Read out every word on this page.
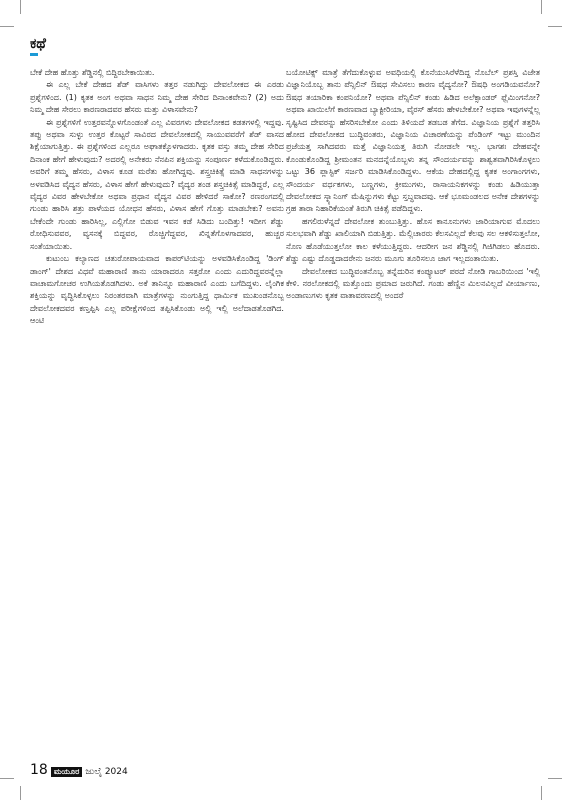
ಕಥೆ

ಬೇಕೆ ದೇಹ ಹೊತ್ತು ಶೆಡ್ಡಿನಲ್ಲಿ ಬಿದ್ದಿರಬೇಕಾಯಿತು.

ಈ ಎಲ್ಲ ಬೇಕೆ ದೇಹದ ಶೆಡ್ ವಾಸಿಗಳು ತತ್ತರ ನಡುಗಿದ್ದು ದೇವಲೋಕದ ಈ ಎರಡು ಪ್ರಶ್ನೆಗಳಿಂದ. (1) ಕೃತಕ ಅಂಗ ಅಥವಾ ಸಾಧನ ನಿಮ್ಮ ದೇಹ ಸೇರಿದ ದಿನಾಂಕವೇನು? (2) ಅದು ನಿಮ್ಮ ದೇಹ ಸೇರಲು ಕಾರಣರಾದವರ ಹೆಸರು ಮತ್ತು ವಿಳಾಸವೇನು?

ಈ ಪ್ರಶ್ನೆಗಳಿಗೆ ಉತ್ತರವನ್ನೊಳಗೊಂಡಂತೆ ಎಲ್ಲ ವಿವರಗಳು ದೇವಲೋಕದ ಕಡತಗಳಲ್ಲಿ ಇದ್ದವು. ತಪ್ಪು ಅಥವಾ ಸುಳ್ಳು ಉತ್ತರ ಕೊಟ್ಟರೆ ಸಾವಿರದ ದೇವಲೋಕದಲ್ಲಿ ಸಾಯುವವರೆಗೆ ಶೆಡ್ ವಾಸದ ಶಿಕ್ಷೆಯಾಗುತ್ತಿತ್ತು. ಈ ಪ್ರಶ್ನೆಗಳಿಂದ ಎಲ್ಲರೂ ಅಘಾತಕ್ಕೊಳಗಾದರು. ಕೃತಕ ವಸ್ತು ತಮ್ಮ ದೇಹ ಸೇರಿದ ದಿನಾಂಕ ಹೇಗೆ ಹೇಳುವುದು? ಅದರಲ್ಲಿ ಅನೇಕರು ನೆನಪಿನ ಶಕ್ತಿಯನ್ನು ಸಂಪೂರ್ಣ ಕಳೆದುಕೊಂಡಿದ್ದರು. ಅವರಿಗೆ ತಮ್ಮ ಹೆಸರು, ವಿಳಾಸ ಕೂಡ ಮರೆತು ಹೋಗಿದ್ದವು. ಶಸ್ತ್ರಚಿಕಿತ್ಸೆ ಮಾಡಿ ಸಾಧನಗಳನ್ನು ಅಳವಡಿಸಿದ ವೈದ್ಯನ ಹೆಸರು, ವಿಳಾಸ ಹೇಗೆ ಹೇಳುವುದು? ವೈದ್ಯರ ತಂಡ ಶಸ್ತ್ರಚಿಕಿತ್ಸೆ ಮಾಡಿದ್ದರೆ, ಎಲ್ಲ ವೈದ್ಯರ ವಿವರ ಹೇಳಬೇಕೋ ಅಥವಾ ಪ್ರಧಾನ ವೈದ್ಯನ ವಿವರ ಹೇಳಿದರೆ ಸಾಕೋ? ರಣರಂಗದಲ್ಲಿ ಗುಂಡು ಹಾರಿಸಿ ಶತ್ರು ಪಾಳೆಯದ ಯೋಧನ ಹೆಸರು, ವಿಳಾಸ ಹೇಗೆ ಗೊತ್ತು ಮಾಡಬೇಕು? ಅವನು ಬೇಕೆಂದೇ ಗುಂಡು ಹಾರಿಸಿಲ್ಲ, ಎಲ್ಲಿಗೋ ಬಿಡುವ ಇವನ ಕಡೆ ಸಿಡಿದು ಬಂದಿತ್ತು! ಇದೀಗ ಶೆಡ್ಡು ರೋಧಿಸುವವರ, ವ್ಯಸನಕ್ಕೆ ಬಿದ್ದವರ, ರೊಚ್ಚಿಗೆದ್ದವರ, ಖಿನ್ನತೆಗೊಳಗಾದವರ, ಹುಚ್ಚರ ಸಂತೆಯಾಯಿತು.

ಕುಟುಂಬ ಕಲ್ಯಾಣದ ಚತುರೋಪಾಯವಾದ ಕಾಪರ್‌ಟಿಯನ್ನು ಅಳವಡಿಸಿಕೊಂಡಿದ್ದ 'ಡಿಂಗ್ ಡಾಂಗ್' ದೇಶದ ವಿಧವೆ ಮಹಾರಾಣಿ ತಾನು ಯಾರಾದರೂ ಸತ್ತರೋ ಎಂದು ಎದುರಿದ್ದವರನ್ನೆಲ್ಲಾ ವಾಚಾಮಗೋಚರ ಉಗಿಯತೊಡಗಿದಳು. ಅಕೆ ತಾನಿನ್ನೂ ಮಹಾರಾಣಿ ಎಂದು ಬಗೆದಿದ್ದಳು. ಲೈಂಗಿಕ ಶಕ್ತಿಯನ್ನು ವೃದ್ಧಿಸಿಕೊಳ್ಳಲು ನಿರಂತರವಾಗಿ ಮಾತ್ರೆಗಳನ್ನು ನುಂಗುತ್ತಿದ್ದ ಧಾರ್ಮಿಕ ಮುಖಂಡನೊಬ್ಬ ದೇವಲೋಕದವರ ಕಣ್ತಪ್ಪಿಸಿ ಎಲ್ಲ ಪರೀಕ್ಷೆಗಳಿಂದ ತಪ್ಪಿಸಿಕೊಂಡು ಅಲ್ಲಿ ಇಲ್ಲಿ ಅಲೆದಾಡತೊಡಗಿದ. ಆಂಟಿ

ಬಯೋಟಿಕ್ಸ್ ಮಾತ್ರೆ ತೆಗೆದುಕೊಳ್ಳುವ ಅವಧಿಯಲ್ಲಿ ಕೊನೆಯುಸಿರೆಳೆದಿದ್ದ ನೊಬೆಲ್ ಪ್ರಶಸ್ತಿ ವಿಜೇತ ವಿಜ್ಞಾನಿಯೊಬ್ಬ ತಾನು ಪೆನ್ಸಿಲಿನ್ ಔಷಧ ಸೇವಿಸಲು ಕಾರಣ ವೈದ್ಯನೋ? ಔಷಧಿ ಅಂಗಡಿಯವನೋ? ಔಷಧ ತಯಾರಿಕಾ ಕಂಪನಿಯೋ? ಅಥವಾ ಪೆನ್ಸಿಲಿನ್ ಕಂಡು ಹಿಡಿದ ಅಲೆಕ್ಸಾಂಡರ್ ಫ್ಲೆಮಿಂಗನೋ? ಅಥವಾ ಖಾಯಿಲೆಗೆ ಕಾರಣವಾದ ಬ್ಯಾಕ್ಟೀರಿಯಾ, ವೈರಸ್ ಹೆಸರು ಹೇಳಬೇಕೋ? ಅಥವಾ ಇವುಗಳನ್ನೆಲ್ಲ ಸೃಷ್ಟಿಸಿದ ದೇವರನ್ನು ಹೆಸರಿಸಬೇಕೋ ಎಂದು ತಿಳಿಯದೆ ತಡಬಡ ತೆಗೆದ. ವಿಜ್ಞಾನಿಯ ಪ್ರಶ್ನೆಗೆ ತತ್ತರಿಸಿ ಹೋದ ದೇವಲೋಕದ ಬುದ್ಧಿವಂತರು, ವಿಜ್ಞಾನಿಯ ವಿಚಾರಣೆಯನ್ನು ಪೆಂಡಿಂಗ್ ಇಟ್ಟು ಮುಂದಿನ ಪ್ರಜೆಯತ್ತ ಸಾಗಿದವರು ಮತ್ತೆ ವಿಜ್ಞಾನಿಯತ್ತ ತಿರುಗಿ ನೋಡಲೇ ಇಲ್ಲ. ಭಾಗಶಃ ದೇಹವನ್ನೇ ಕೊಂಡುಕೊಂಡಿದ್ದ ಶ್ರೀಮಂತನ ಮನದನ್ನೆಯೊಬ್ಬಳು ತನ್ನ ಸೌಂದರ್ಯವನ್ನು ಶಾಶ್ವತವಾಗಿರಿಸಿಕೊಳ್ಳಲು ಒಟ್ಟು 36 ಪ್ಲಾಸ್ಟಿಕ್ ಸರ್ಜರಿ ಮಾಡಿಸಿಕೊಂಡಿದ್ದಳು. ಆಕೆಯ ದೇಹದಲ್ಲಿದ್ದ ಕೃತಕ ಅಂಗಾಂಗಗಳು, ಸೌಂದರ್ಯ ವರ್ಧಕಗಳು, ಬಣ್ಣಗಳು, ಕ್ರೀಮುಗಳು, ರಾಸಾಯನಿಕಗಳನ್ನು ಕಂಡು ಹಿಡಿಯುತ್ತಾ ದೇವಲೋಕದ ಸ್ಕ್ಯಾನಿಂಗ್ ಮೆಷಿನ್ನುಗಳು ಕೆಟ್ಟು ಸ್ತಬ್ಧವಾದವು. ಆಕೆ ಭೂಮಂಡಲದ ಅನೇಕ ದೇಶಗಳನ್ನು ಗ್ರಹ ತಾರಾ ನಿಹಾರಿಕೆಯಂತೆ ತಿರುಗಿ ಚಿಕಿತ್ಸೆ ಪಡೆದಿದ್ದಳು.

ಹಗಲಿರುಳೆನ್ನದೆ ದೇವಲೋಕ ತುಂಬುತ್ತಿತ್ತು. ಹೊಸ ಕಾನೂನುಗಳು ಜಾರಿಯಾಗುವ ಮೊದಲು ಸುಲಭವಾಗಿ ಶೆಡ್ಡು ಖಾಲಿಯಾಗಿ ಬಿಡುತ್ತಿತ್ತು. ಮೆಲ್ಲಿಚಾರರು ಕೆಲಸವಿಲ್ಲದೆ ಕೆಲವು ಸಲ ಆಕಳಿಸುತ್ತಲೋ, ನೊಣ ಹೊಡೆಯುತ್ತಲೋ ಕಾಲ ಕಳೆಯುತ್ತಿದ್ದರು. ಆದರೀಗ ಜನ ಶೆಡ್ಡಿನಲ್ಲಿ ಗಿಜಿಗಿಡಲು ಹೊದರು. ಶೆಡ್ಡು ಎಷ್ಟು ದೊಡ್ಡದಾದರೇನು ಜನರು ಮೂಗು ತೂರಿಸಲೂ ಜಾಗ ಇಲ್ಲದಂತಾಯಿತು.

ದೇವಲೋಕದ ಬುದ್ಧಿವಂತನೊಬ್ಬ ತನ್ನೆದುರಿನ ಕಂಪ್ಯೂಟರ್ ಪರದೆ ನೋಡಿ ಗಾಬರಿಯಿಂದ 'ಇಲ್ಲಿ ಕೇಳಿ. ನರಲೋಕದಲ್ಲಿ ಮತ್ತೊಂದು ಪ್ರಮಾದ ಜರುಗಿದೆ. ಗಂಡು ಹೆಣ್ಣಿನ ಮಿಲನವಿಲ್ಲದೆ ವೀರ್ಯಾಣು, ಅಂಡಾಣುಗಳು ಕೃತಕ ವಾತಾವರಣದಲ್ಲಿ ಅಂದರೆ

18 ಮಯೂರ ಜುಲೈ 2024
